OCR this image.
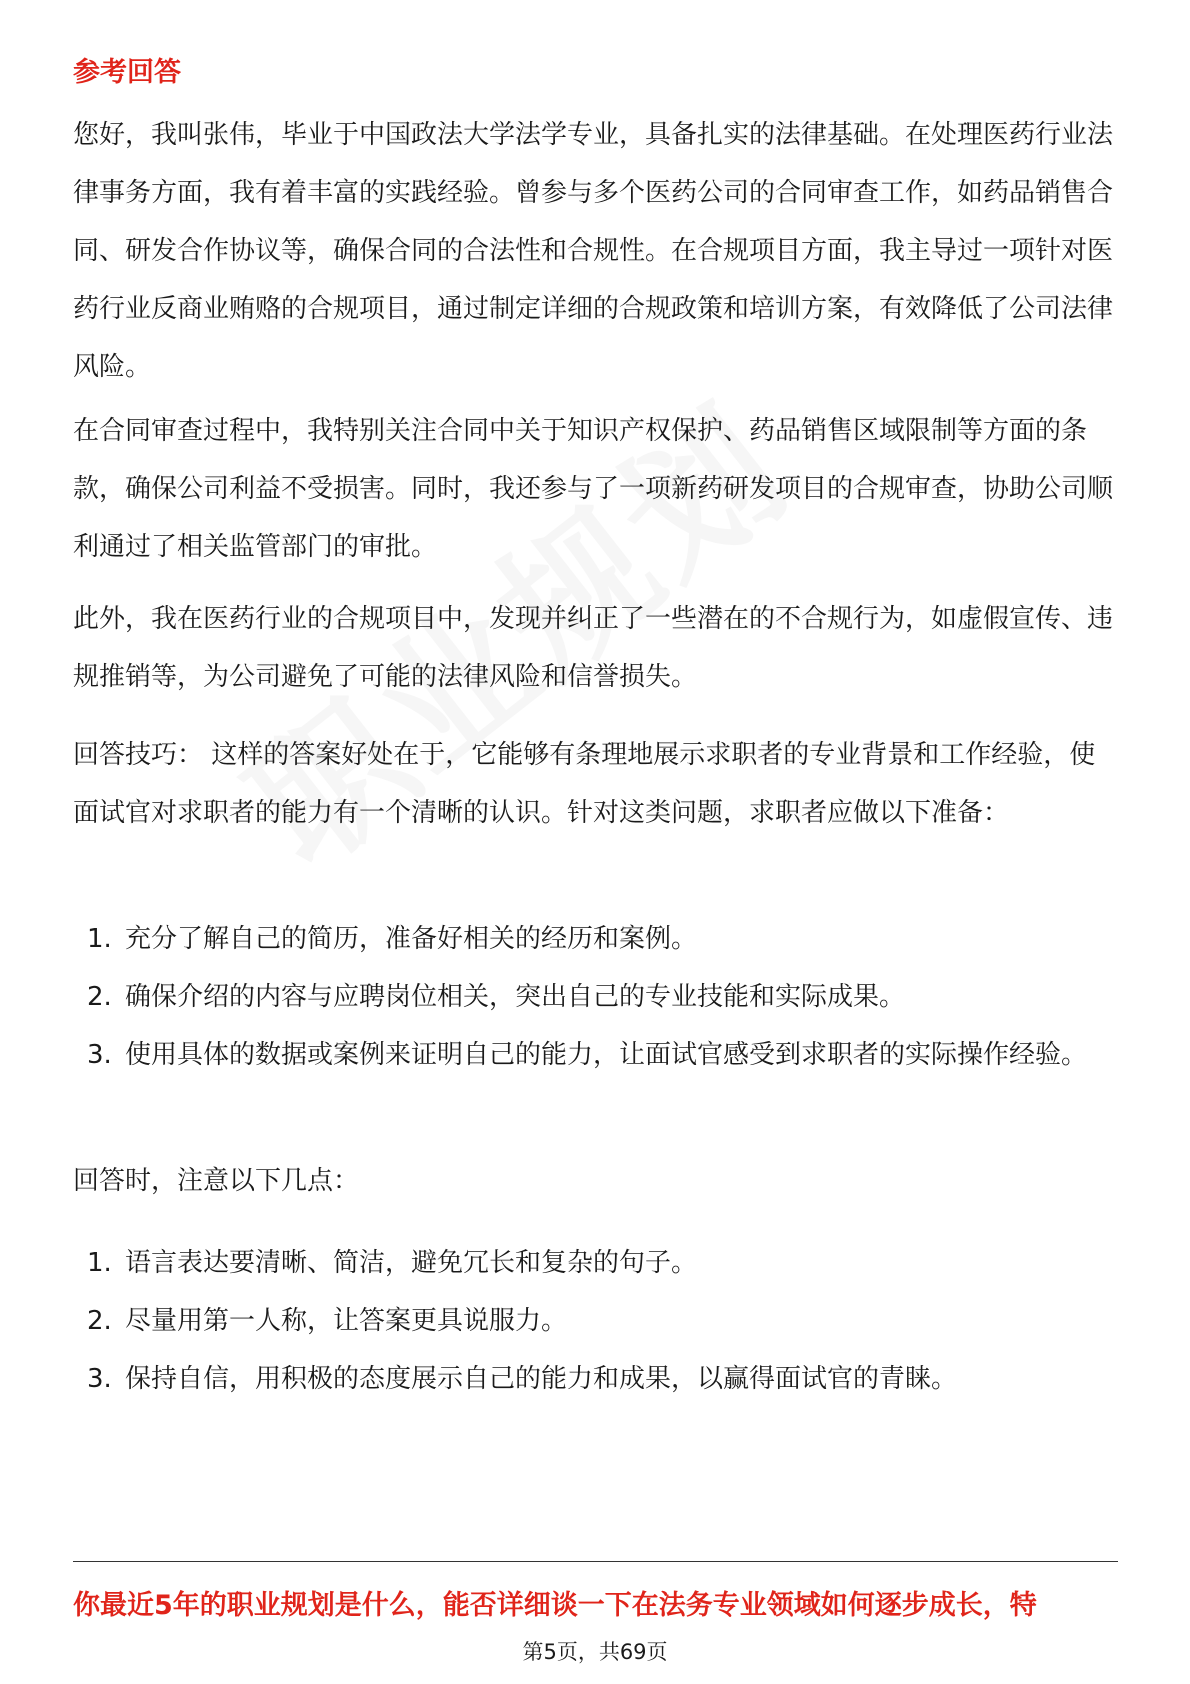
参考回答

您好，我叫张伟，毕业于中国政法大学法学专业，具备扎实的法律基础。在处理医药行业法律事务方面，我有着丰富的实践经验。曾参与多个医药公司的合同审查工作，如药品销售合同、研发合作协议等，确保合同的合法性和合规性。在合规项目方面，我主导过一项针对医药行业反商业贿赂的合规项目，通过制定详细的合规政策和培训方案，有效降低了公司法律风险。

在合同审查过程中，我特别关注合同中关于知识产权保护、药品销售区域限制等方面的条款，确保公司利益不受损害。同时，我还参与了一项新药研发项目的合规审查，协助公司顺利通过了相关监管部门的审批。

此外，我在医药行业的合规项目中，发现并纠正了一些潜在的不合规行为，如虚假宣传、违规推销等，为公司避免了可能的法律风险和信誉损失。

回答技巧： 这样的答案好处在于，它能够有条理地展示求职者的专业背景和工作经验，使面试官对求职者的能力有一个清晰的认识。针对这类问题，求职者应做以下准备：

1. 充分了解自己的简历，准备好相关的经历和案例。
2. 确保介绍的内容与应聘岗位相关，突出自己的专业技能和实际成果。
3. 使用具体的数据或案例来证明自己的能力，让面试官感受到求职者的实际操作经验。

回答时，注意以下几点：

1. 语言表达要清晰、简洁，避免冗长和复杂的句子。
2. 尽量用第一人称，让答案更具说服力。
3. 保持自信，用积极的态度展示自己的能力和成果，以赢得面试官的青睐。
你最近5年的职业规划是什么，能否详细谈一下在法务专业领域如何逐步成长，特
第5页，共69页
